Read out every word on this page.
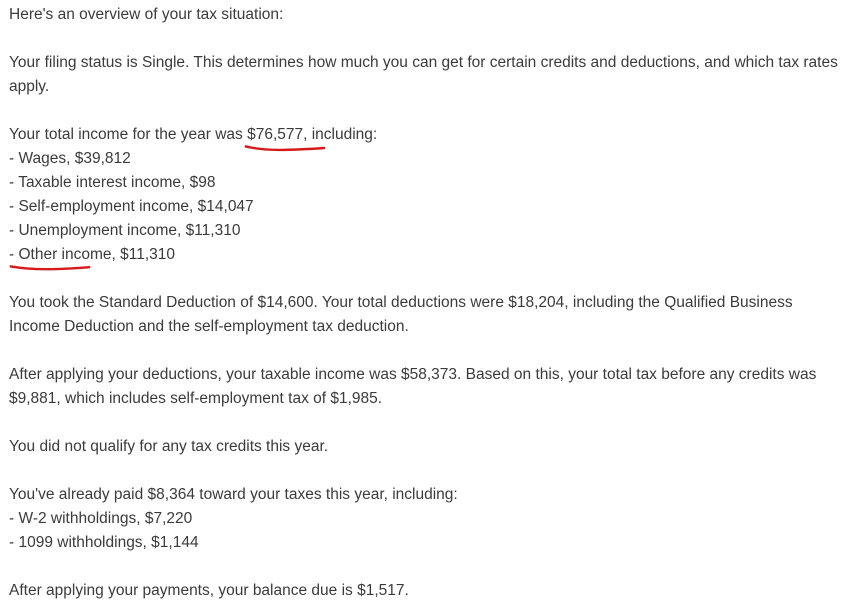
Here's an overview of your tax situation:

Your filing status is Single. This determines how much you can get for certain credits and deductions, and which tax rates apply.

Your total income for the year was $76,577
, including:

- Wages, $39,812

- Taxable interest income, $98

- Self-employment income, $14,047

- Unemployment income, $11,310

- Other income, $11,310

You took the Standard Deduction of $14,600. Your total deductions were $18,204, including the Qualified Business Income Deduction and the self-employment tax deduction.

After applying your deductions, your taxable income was $58,373. Based on this, your total tax before any credits was $9,881, which includes self-employment tax of $1,985.

You did not qualify for any tax credits this year.

You've already paid $8,364 toward your taxes this year, including:

- W-2 withholdings, $7,220

- 1099 withholdings, $1,144

After applying your payments, your balance due is $1,517.
